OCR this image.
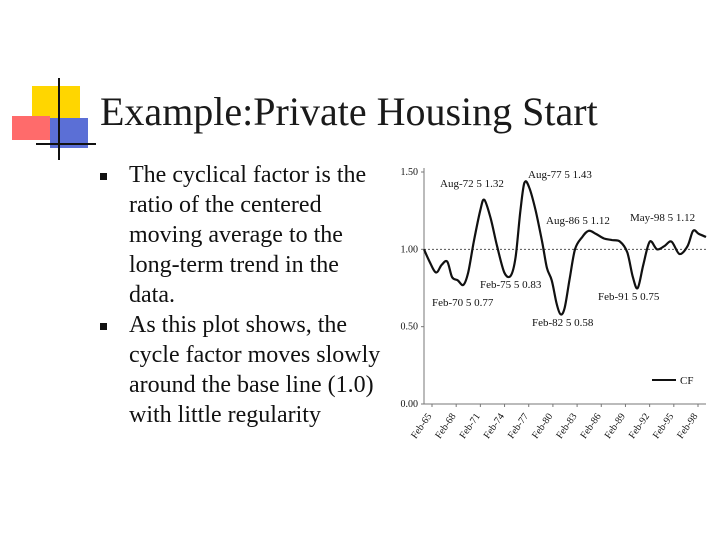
Example:Private Housing Start
The cyclical factor is the ratio of the centered moving average to the long-term trend in the data.
As this plot shows, the cycle factor moves slowly around the base line (1.0) with little regularity	0.00
0.50
1.00
1.50
Feb-65
Feb-68
Feb-71
Feb-74
Feb-77
Feb-80
Feb-83
Feb-86
Feb-89
Feb-92
Feb-95
Feb-98
Aug-72 5 1.32
Aug-77 5 1.43
Aug-86 5 1.12 May-98 5 1.12
Feb-75 5 0.83
Feb-70 5 0.77
Feb-82 5 0.58
Feb-91 5 0.75
CF
